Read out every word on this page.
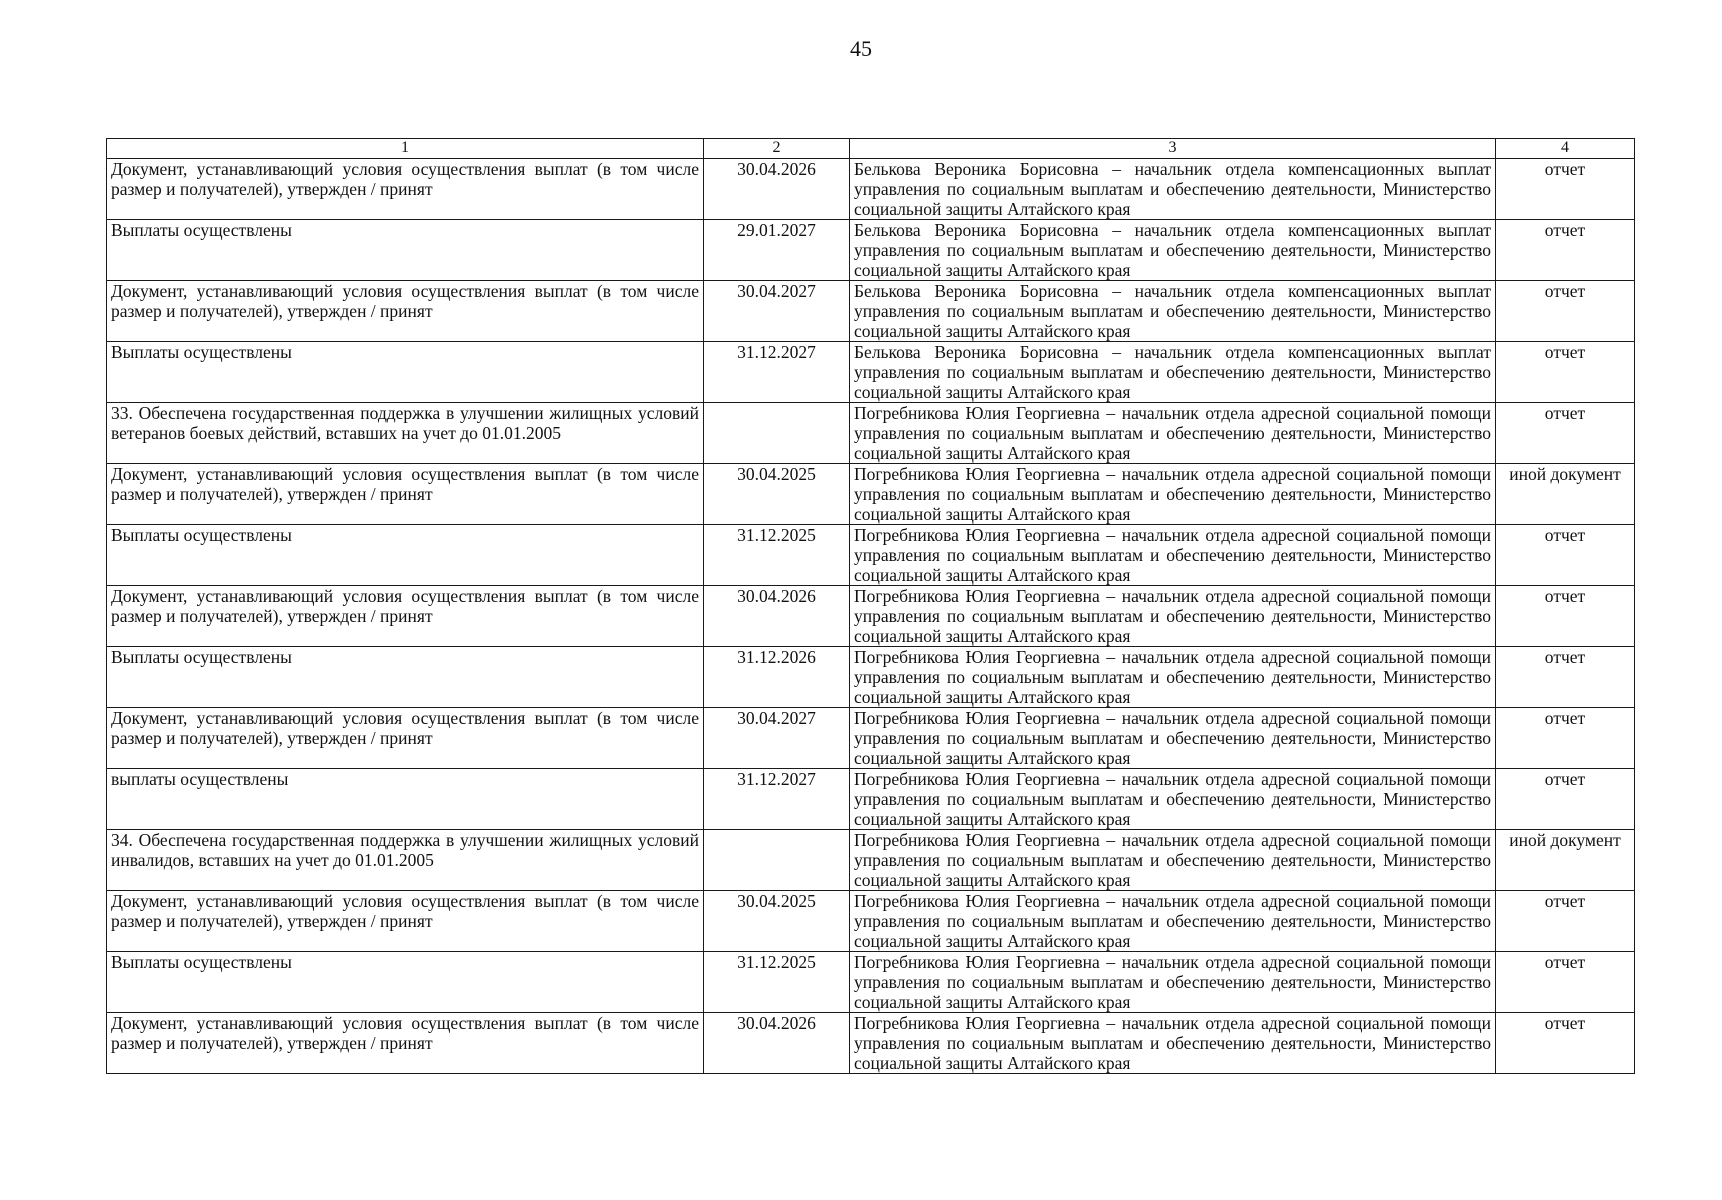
45
1	2	3	4
Документ, устанавливающий условия осуществления выплат (в том числе размер и получателей), утвержден / принят	30.04.2026	Белькова Вероника Борисовна – начальник отдела компенсационных выплат управления по социальным выплатам и обеспечению деятельности, Министерство социальной защиты Алтайского края	отчет
Выплаты осуществлены	29.01.2027	Белькова Вероника Борисовна – начальник отдела компенсационных выплат управления по социальным выплатам и обеспечению деятельности, Министерство социальной защиты Алтайского края	отчет
Документ, устанавливающий условия осуществления выплат (в том числе размер и получателей), утвержден / принят	30.04.2027	Белькова Вероника Борисовна – начальник отдела компенсационных выплат управления по социальным выплатам и обеспечению деятельности, Министерство социальной защиты Алтайского края	отчет
Выплаты осуществлены	31.12.2027	Белькова Вероника Борисовна – начальник отдела компенсационных выплат управления по социальным выплатам и обеспечению деятельности, Министерство социальной защиты Алтайского края	отчет
33. Обеспечена государственная поддержка в улучшении жилищных условий ветеранов боевых действий, вставших на учет до 01.01.2005		Погребникова Юлия Георгиевна – начальник отдела адресной социальной помощи управления по социальным выплатам и обеспечению деятельности, Министерство социальной защиты Алтайского края	отчет
Документ, устанавливающий условия осуществления выплат (в том числе размер и получателей), утвержден / принят	30.04.2025	Погребникова Юлия Георгиевна – начальник отдела адресной социальной помощи управления по социальным выплатам и обеспечению деятельности, Министерство социальной защиты Алтайского края	иной документ
Выплаты осуществлены	31.12.2025	Погребникова Юлия Георгиевна – начальник отдела адресной социальной помощи управления по социальным выплатам и обеспечению деятельности, Министерство социальной защиты Алтайского края	отчет
Документ, устанавливающий условия осуществления выплат (в том числе размер и получателей), утвержден / принят	30.04.2026	Погребникова Юлия Георгиевна – начальник отдела адресной социальной помощи управления по социальным выплатам и обеспечению деятельности, Министерство социальной защиты Алтайского края	отчет
Выплаты осуществлены	31.12.2026	Погребникова Юлия Георгиевна – начальник отдела адресной социальной помощи управления по социальным выплатам и обеспечению деятельности, Министерство социальной защиты Алтайского края	отчет
Документ, устанавливающий условия осуществления выплат (в том числе размер и получателей), утвержден / принят	30.04.2027	Погребникова Юлия Георгиевна – начальник отдела адресной социальной помощи управления по социальным выплатам и обеспечению деятельности, Министерство социальной защиты Алтайского края	отчет
выплаты осуществлены	31.12.2027	Погребникова Юлия Георгиевна – начальник отдела адресной социальной помощи управления по социальным выплатам и обеспечению деятельности, Министерство социальной защиты Алтайского края	отчет
34. Обеспечена государственная поддержка в улучшении жилищных условий инвалидов, вставших на учет до 01.01.2005		Погребникова Юлия Георгиевна – начальник отдела адресной социальной помощи управления по социальным выплатам и обеспечению деятельности, Министерство социальной защиты Алтайского края	иной документ
Документ, устанавливающий условия осуществления выплат (в том числе размер и получателей), утвержден / принят	30.04.2025	Погребникова Юлия Георгиевна – начальник отдела адресной социальной помощи управления по социальным выплатам и обеспечению деятельности, Министерство социальной защиты Алтайского края	отчет
Выплаты осуществлены	31.12.2025	Погребникова Юлия Георгиевна – начальник отдела адресной социальной помощи управления по социальным выплатам и обеспечению деятельности, Министерство социальной защиты Алтайского края	отчет
Документ, устанавливающий условия осуществления выплат (в том числе размер и получателей), утвержден / принят	30.04.2026	Погребникова Юлия Георгиевна – начальник отдела адресной социальной помощи управления по социальным выплатам и обеспечению деятельности, Министерство социальной защиты Алтайского края	отчет
